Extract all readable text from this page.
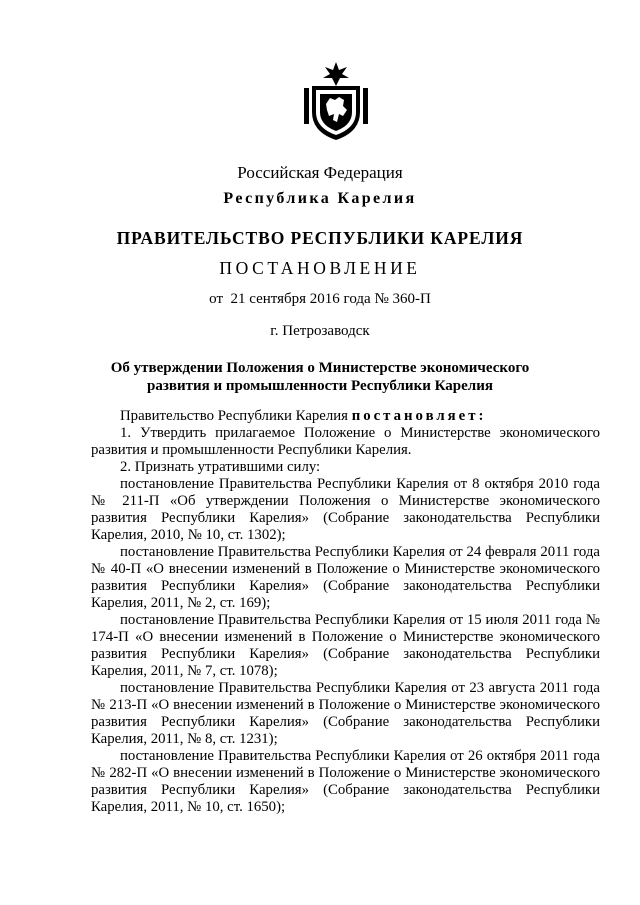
Российская Федерация
Республика Карелия
ПРАВИТЕЛЬСТВО РЕСПУБЛИКИ КАРЕЛИЯ
ПОСТАНОВЛЕНИЕ
от  21 сентября 2016 года № 360-П
г. Петрозаводск
Об утверждении Положения о Министерстве экономического
развития и промышленности Республики Карелия

Правительство Республики Карелия постановляет:

1. Утвердить прилагаемое Положение о Министерстве экономического развития и промышленности Республики Карелия.

2. Признать утратившими силу:

постановление Правительства Республики Карелия от 8 октября 2010 года № 211-П «Об утверждении Положения о Министерстве экономического развития Республики Карелия» (Собрание законодательства Республики Карелия, 2010, № 10, ст. 1302);

постановление Правительства Республики Карелия от 24 февраля 2011 года № 40-П «О внесении изменений в Положение о Министерстве экономического развития Республики Карелия» (Собрание законодательства Республики Карелия, 2011, № 2, ст. 169);

постановление Правительства Республики Карелия от 15 июля 2011 года № 174-П «О внесении изменений в Положение о Министерстве экономического развития Республики Карелия» (Собрание законодательства Республики Карелия, 2011, № 7, ст. 1078);

постановление Правительства Республики Карелия от 23 августа 2011 года № 213-П «О внесении изменений в Положение о Министерстве экономического развития Республики Карелия» (Собрание законодательства Республики Карелия, 2011, № 8, ст. 1231);

постановление Правительства Республики Карелия от 26 октября 2011 года № 282-П «О внесении изменений в Положение о Министерстве экономического развития Республики Карелия» (Собрание законодательства Республики Карелия, 2011, № 10, ст. 1650);
